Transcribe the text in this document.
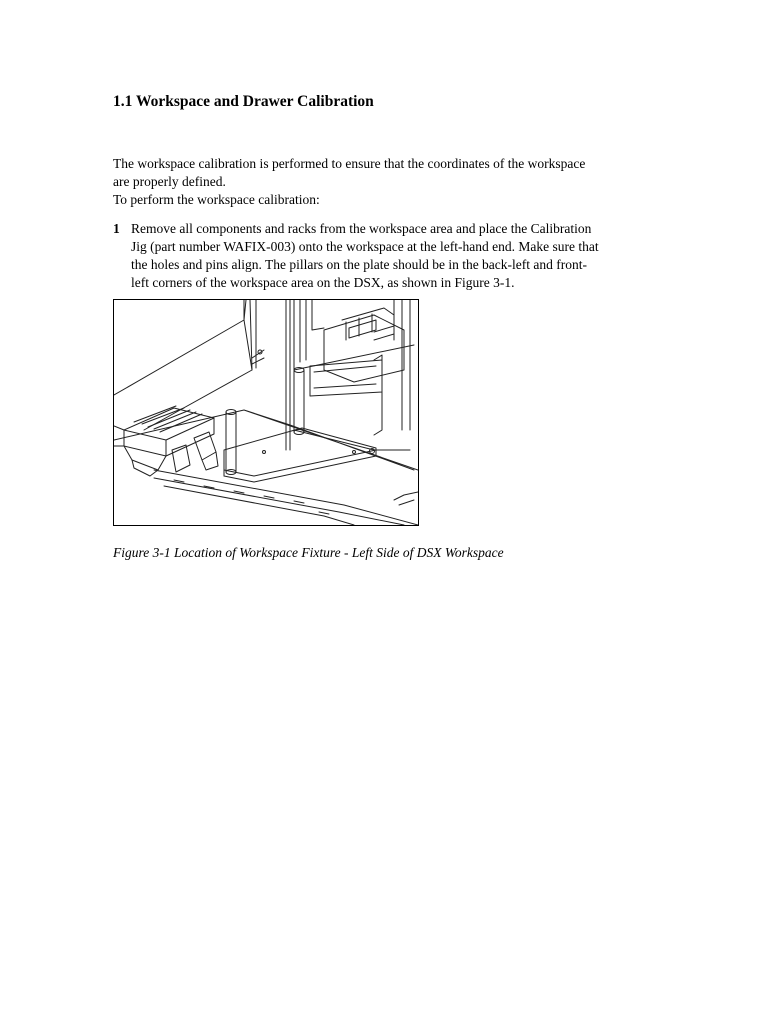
1.1 Workspace and Drawer Calibration
The workspace calibration is performed to ensure that the coordinates of the workspace
are properly defined.
To perform the workspace calibration:
1 Remove all components and racks from the workspace area and place the Calibration
Jig (part number WAFIX-003) onto the workspace at the left-hand end. Make sure that
the holes and pins align. The pillars on the plate should be in the back-left and front-
left corners of the workspace area on the DSX, as shown in Figure 3-1.
Figure 3-1 Location of Workspace Fixture - Left Side of DSX Workspace
